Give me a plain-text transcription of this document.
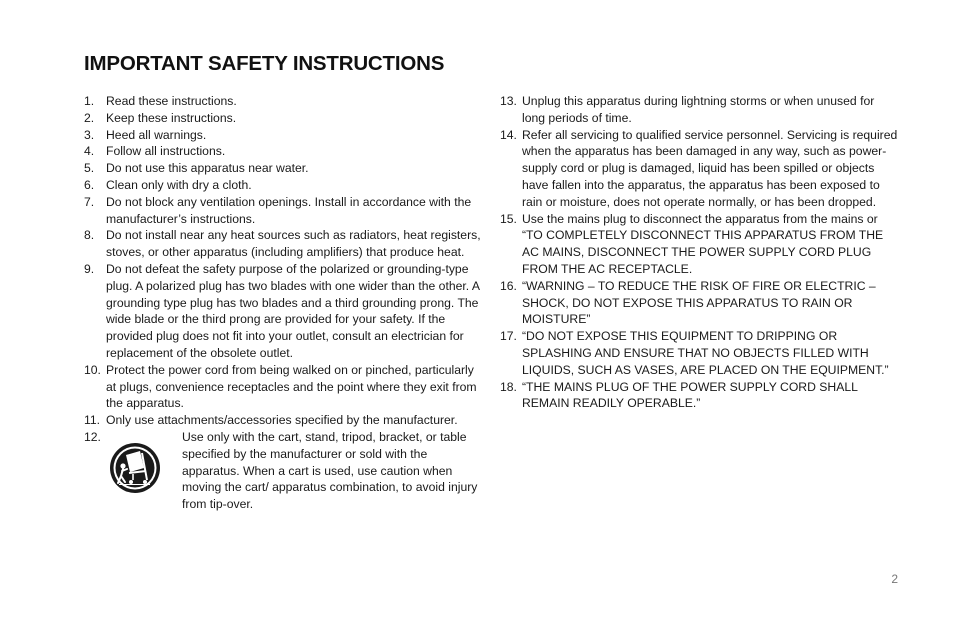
IMPORTANT SAFETY INSTRUCTIONS
1. Read these instructions.
2. Keep these instructions.
3. Heed all warnings.
4. Follow all instructions.
5. Do not use this apparatus near water.
6. Clean only with dry a cloth.
7. Do not block any ventilation openings. Install in accordance with the manufacturer’s instructions.
8. Do not install near any heat sources such as radiators, heat registers, stoves, or other apparatus (including amplifiers) that produce heat.
9. Do not defeat the safety purpose of the polarized or grounding-type plug. A polarized plug has two blades with one wider than the other. A grounding type plug has two blades and a third grounding prong. The wide blade or the third prong are provided for your safety. If the provided plug does not fit into your outlet, consult an electrician for replacement of the obsolete outlet.
10. Protect the power cord from being walked on or pinched, particularly at plugs, convenience receptacles and the point where they exit from the apparatus.
11. Only use attachments/accessories specified by the manufacturer.
12.	Use only with the cart, stand, tripod, bracket, or table specified by the manufacturer or sold with the apparatus. When a cart is used, use caution when moving the cart/ apparatus combination, to avoid injury from tip-over.
13. Unplug this apparatus during lightning storms or when unused for long periods of time.
14. Refer all servicing to qualified service personnel. Servicing is required when the apparatus has been damaged in any way, such as power-supply cord or plug is damaged, liquid has been spilled or objects have fallen into the apparatus, the apparatus has been exposed to rain or moisture, does not operate normally, or has been dropped.
15. Use the mains plug to disconnect the apparatus from the mains or “TO COMPLETELY DISCONNECT THIS APPARATUS FROM THE AC MAINS, DISCONNECT THE POWER SUPPLY CORD PLUG FROM THE AC RECEPTACLE.
16. “WARNING – TO REDUCE THE RISK OF FIRE OR ELECTRIC – SHOCK, DO NOT EXPOSE THIS APPARATUS TO RAIN OR MOISTURE”
17. “DO NOT EXPOSE THIS EQUIPMENT TO DRIPPING OR SPLASHING AND ENSURE THAT NO OBJECTS FILLED WITH LIQUIDS, SUCH AS VASES, ARE PLACED ON THE EQUIPMENT.”
18. “THE MAINS PLUG OF THE POWER SUPPLY CORD SHALL REMAIN READILY OPERABLE.”
2
